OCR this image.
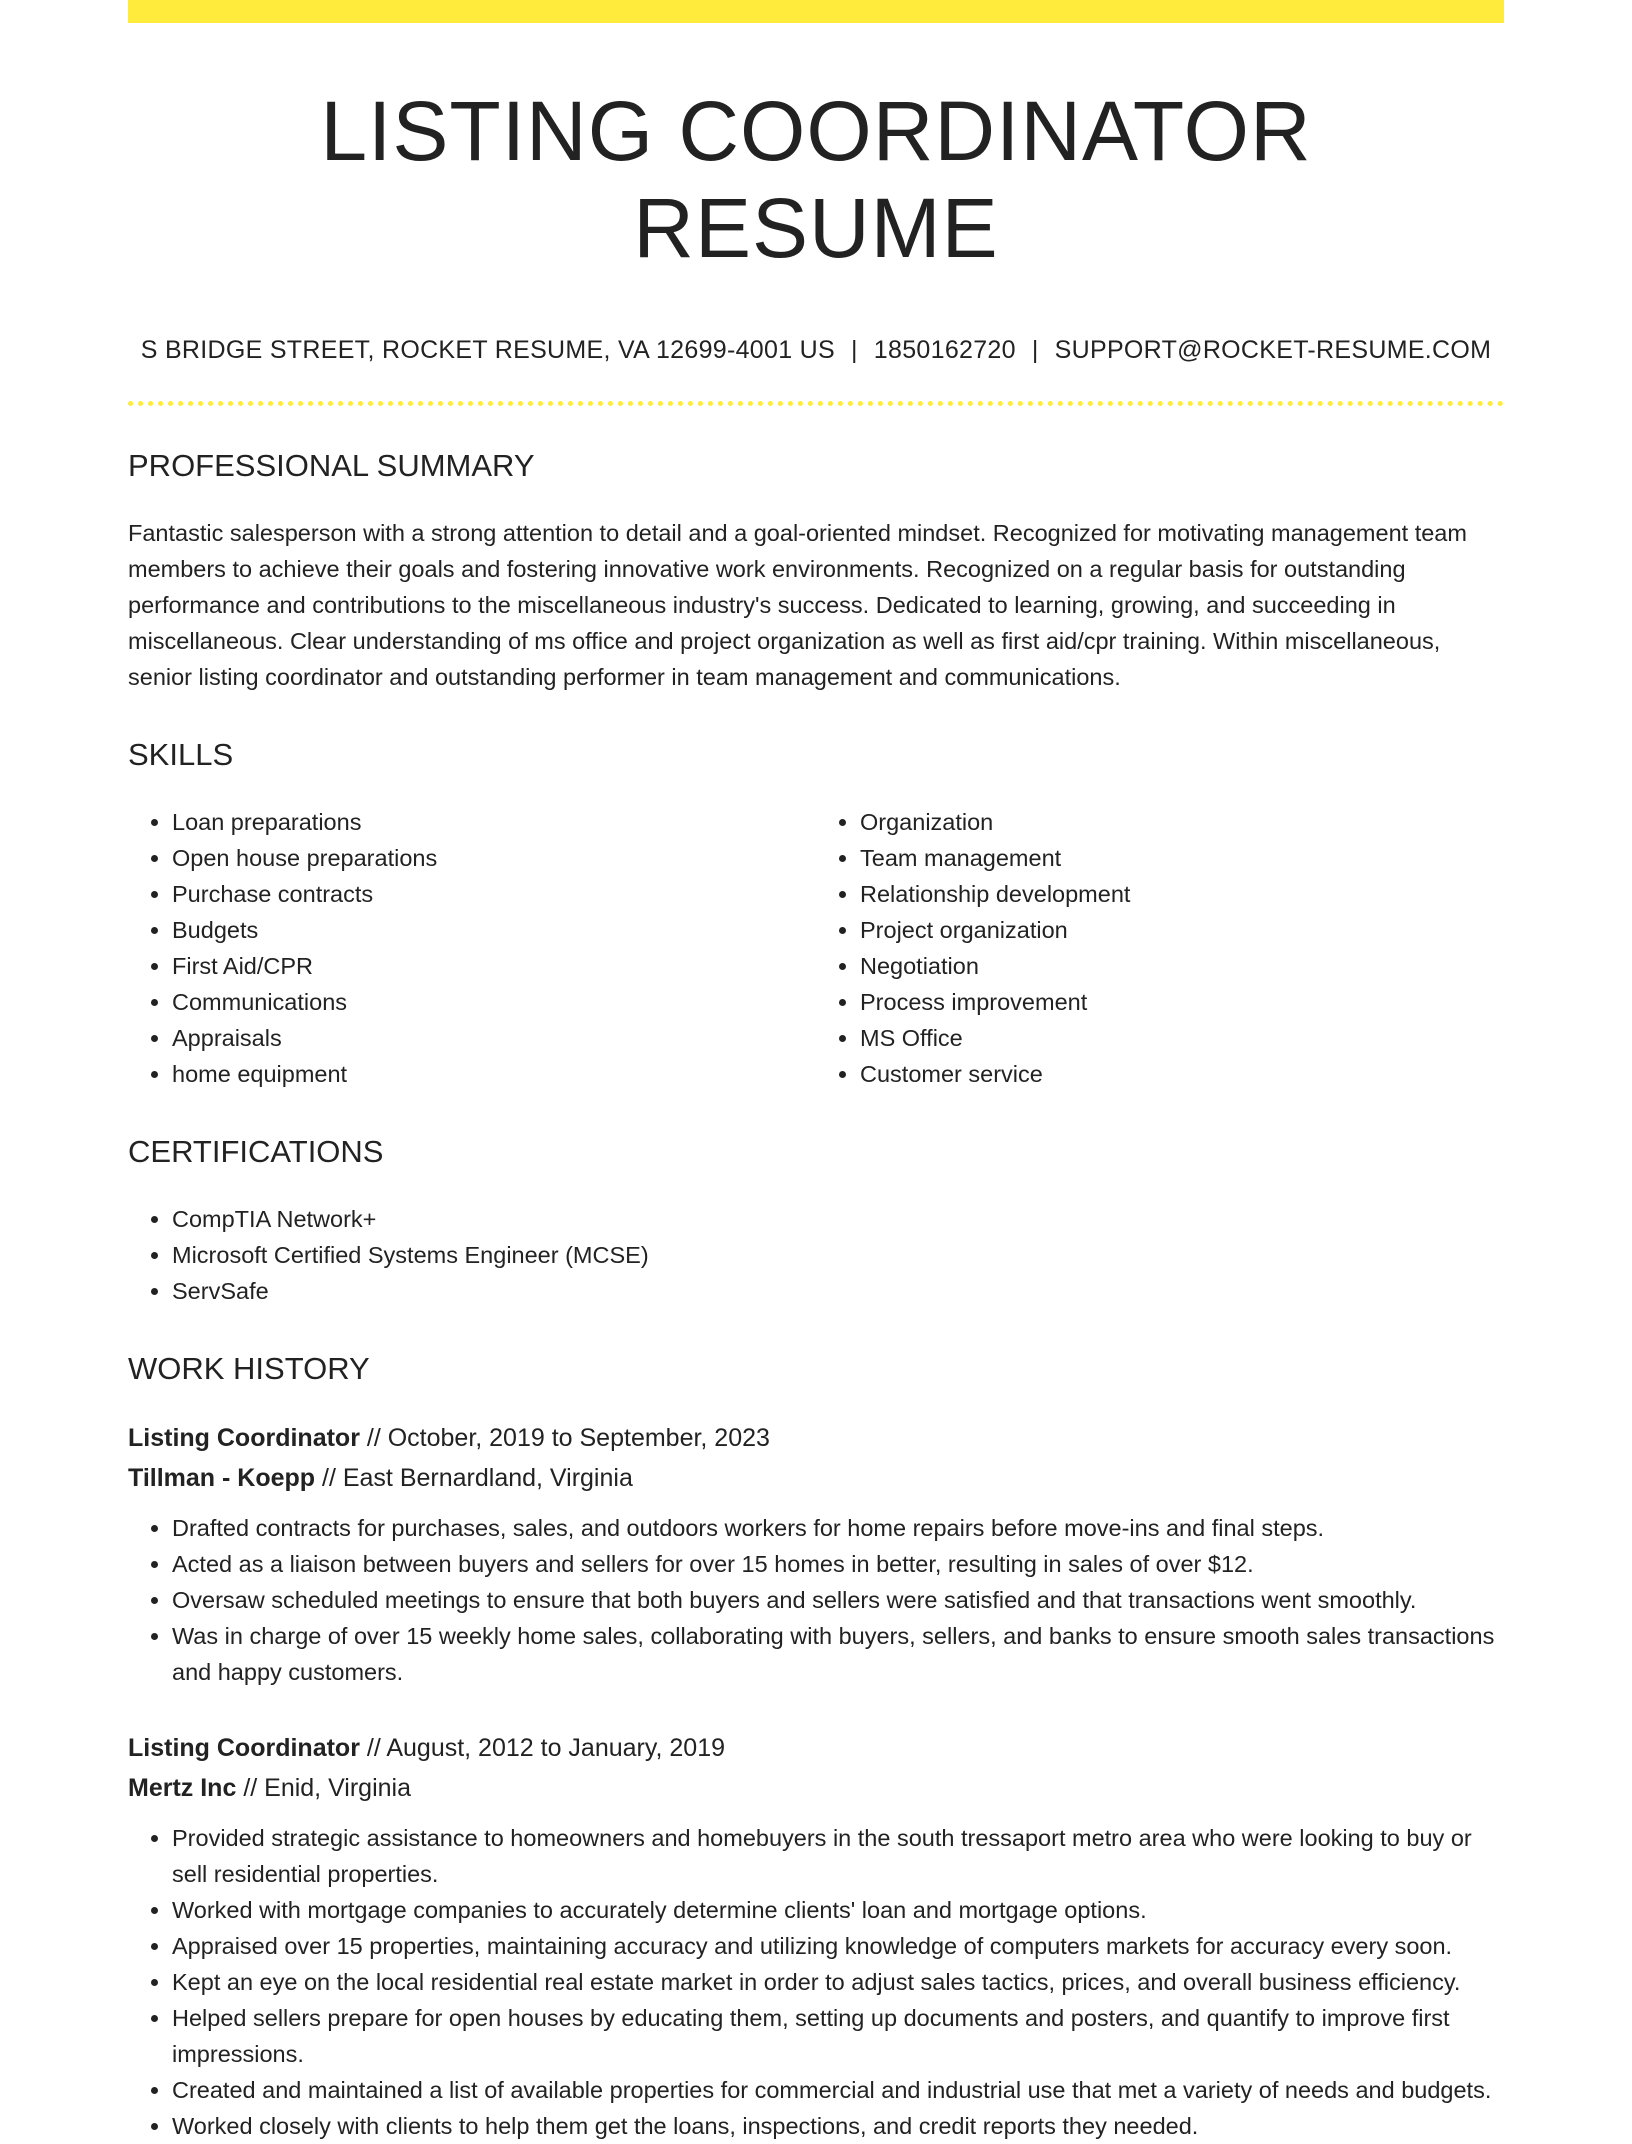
LISTING COORDINATOR RESUME
S BRIDGE STREET, ROCKET RESUME, VA 12699-4001 US | 1850162720 | SUPPORT@ROCKET-RESUME.COM
PROFESSIONAL SUMMARY

Fantastic salesperson with a strong attention to detail and a goal-oriented mindset. Recognized for motivating management team members to achieve their goals and fostering innovative work environments. Recognized on a regular basis for outstanding performance and contributions to the miscellaneous industry's success. Dedicated to learning, growing, and succeeding in miscellaneous. Clear understanding of ms office and project organization as well as first aid/cpr training. Within miscellaneous, senior listing coordinator and outstanding performer in team management and communications.

SKILLS
• Loan preparations
• Open house preparations
• Purchase contracts
• Budgets
• First Aid/CPR
• Communications
• Appraisals
• home equipment
• Organization
• Team management
• Relationship development
• Project organization
• Negotiation
• Process improvement
• MS Office
• Customer service
CERTIFICATIONS
• CompTIA Network+
• Microsoft Certified Systems Engineer (MCSE)
• ServSafe
WORK HISTORY
Listing Coordinator // October, 2019 to September, 2023
Tillman - Koepp // East Bernardland, Virginia
• Drafted contracts for purchases, sales, and outdoors workers for home repairs before move-ins and final steps.
• Acted as a liaison between buyers and sellers for over 15 homes in better, resulting in sales of over $12.
• Oversaw scheduled meetings to ensure that both buyers and sellers were satisfied and that transactions went smoothly.
• Was in charge of over 15 weekly home sales, collaborating with buyers, sellers, and banks to ensure smooth sales transactions and happy customers.
Listing Coordinator // August, 2012 to January, 2019
Mertz Inc // Enid, Virginia
• Provided strategic assistance to homeowners and homebuyers in the south tressaport metro area who were looking to buy or sell residential properties.
• Worked with mortgage companies to accurately determine clients' loan and mortgage options.
• Appraised over 15 properties, maintaining accuracy and utilizing knowledge of computers markets for accuracy every soon.
• Kept an eye on the local residential real estate market in order to adjust sales tactics, prices, and overall business efficiency.
• Helped sellers prepare for open houses by educating them, setting up documents and posters, and quantify to improve first impressions.
• Created and maintained a list of available properties for commercial and industrial use that met a variety of needs and budgets.
• Worked closely with clients to help them get the loans, inspections, and credit reports they needed.
